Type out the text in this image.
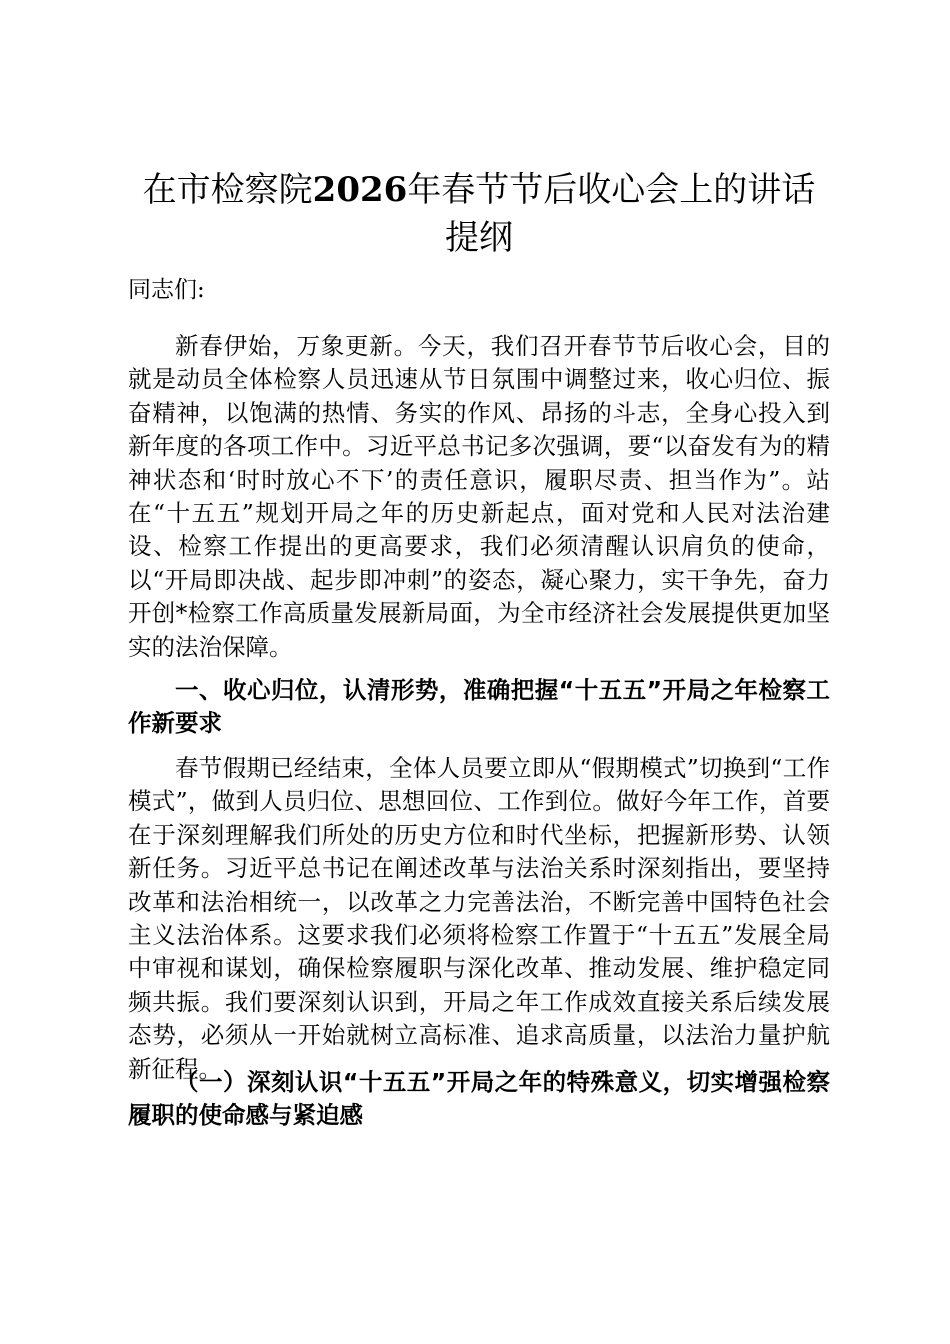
在市检察院2026年春节节后收心会上的讲话提纲

同志们:

新春伊始，万象更新。今天，我们召开春节节后收心会，目的就是动员全体检察人员迅速从节日氛围中调整过来，收心归位、振奋精神，以饱满的热情、务实的作风、昂扬的斗志，全身心投入到新年度的各项工作中。习近平总书记多次强调，要“以奋发有为的精神状态和‘时时放心不下’的责任意识，履职尽责、担当作为”。站在“十五五”规划开局之年的历史新起点，面对党和人民对法治建设、检察工作提出的更高要求，我们必须清醒认识肩负的使命，以“开局即决战、起步即冲刺”的姿态，凝心聚力，实干争先，奋力开创*检察工作高质量发展新局面，为全市经济社会发展提供更加坚实的法治保障。

一、收心归位，认清形势，准确把握“十五五”开局之年检察工作新要求

春节假期已经结束，全体人员要立即从“假期模式”切换到“工作模式”，做到人员归位、思想回位、工作到位。做好今年工作，首要在于深刻理解我们所处的历史方位和时代坐标，把握新形势、认领新任务。习近平总书记在阐述改革与法治关系时深刻指出，要坚持改革和法治相统一，以改革之力完善法治，不断完善中国特色社会主义法治体系。这要求我们必须将检察工作置于“十五五”发展全局中审视和谋划，确保检察履职与深化改革、推动发展、维护稳定同频共振。我们要深刻认识到，开局之年工作成效直接关系后续发展态势，必须从一开始就树立高标准、追求高质量，以法治力量护航新征程。

（一）深刻认识“十五五”开局之年的特殊意义，切实增强检察履职的使命感与紧迫感
